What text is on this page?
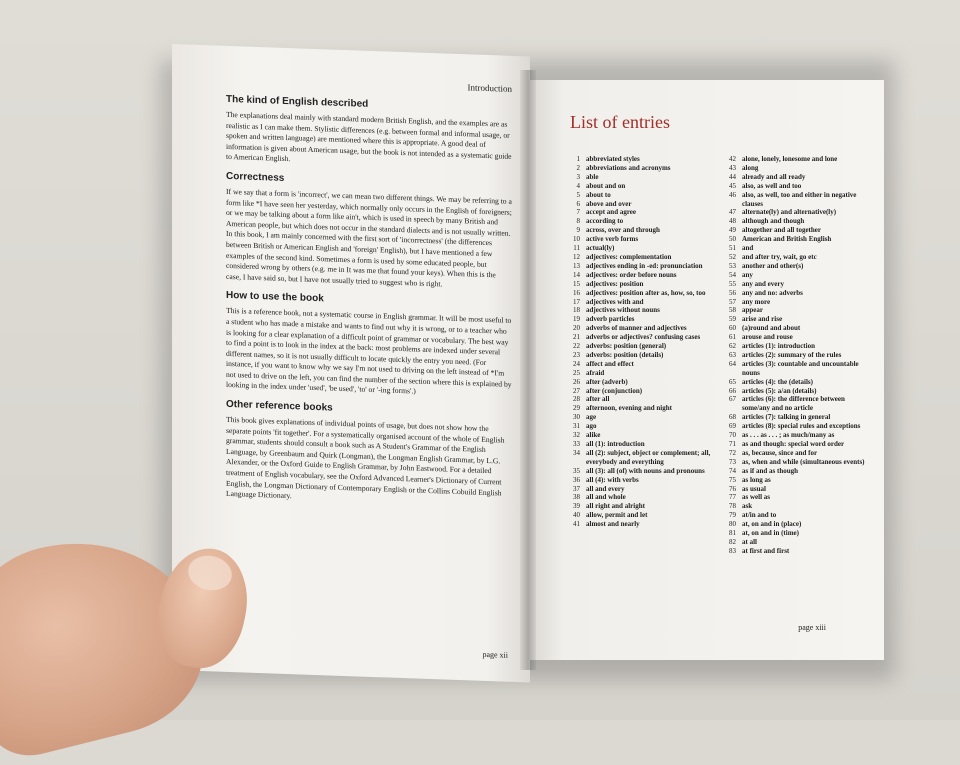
Introduction
The kind of English described

The explanations deal mainly with standard modern British English, and the examples are as realistic as I can make them. Stylistic differences (e.g. between formal and informal usage, or spoken and written language) are mentioned where this is appropriate. A good deal of information is given about American usage, but the book is not intended as a systematic guide to American English.

Correctness

If we say that a form is 'incorrect', we can mean two different things. We may be referring to a form like *I have seen her yesterday, which normally only occurs in the English of foreigners; or we may be talking about a form like ain't, which is used in speech by many British and American people, but which does not occur in the standard dialects and is not usually written. In this book, I am mainly concerned with the first sort of 'incorrectness' (the differences between British or American English and 'foreign' English), but I have mentioned a few examples of the second kind. Sometimes a form is used by some educated people, but considered wrong by others (e.g. me in It was me that found your keys). When this is the case, I have said so, but I have not usually tried to suggest who is right.

How to use the book

This is a reference book, not a systematic course in English grammar. It will be most useful to a student who has made a mistake and wants to find out why it is wrong, or to a teacher who is looking for a clear explanation of a difficult point of grammar or vocabulary. The best way to find a point is to look in the index at the back: most problems are indexed under several different names, so it is not usually difficult to locate quickly the entry you need. (For instance, if you want to know why we say I'm not used to driving on the left instead of *I'm not used to drive on the left, you can find the number of the section where this is explained by looking in the index under 'used', 'be used', 'to' or '-ing forms'.)

Other reference books

This book gives explanations of individual points of usage, but does not show how the separate points 'fit together'. For a systematically organised account of the whole of English grammar, students should consult a book such as A Student's Grammar of the English Language, by Greenbaum and Quirk (Longman), the Longman English Grammar, by L.G. Alexander, or the Oxford Guide to English Grammar, by John Eastwood. For a detailed treatment of English vocabulary, see the Oxford Advanced Learner's Dictionary of Current English, the Longman Dictionary of Contemporary English or the Collins Cobuild English Language Dictionary.

page xii
List of entries
1 abbreviated styles
2 abbreviations and acronyms
3 able
4 about and on
5 about to
6 above and over
7 accept and agree
8 according to
9 across, over and through
10 active verb forms
11 actual(ly)
12 adjectives: complementation
13 adjectives ending in -ed: pronunciation
14 adjectives: order before nouns
15 adjectives: position
16 adjectives: position after as, how, so, too
17 adjectives with and
18 adjectives without nouns
19 adverb particles
20 adverbs of manner and adjectives
21 adverbs or adjectives? confusing cases
22 adverbs: position (general)
23 adverbs: position (details)
24 affect and effect
25 afraid
26 after (adverb)
27 after (conjunction)
28 after all
29 afternoon, evening and night
30 age
31 ago
32 alike
33 all (1): introduction
34 all (2): subject, object or complement; all, everybody and everything
35 all (3): all (of) with nouns and pronouns
36 all (4): with verbs
37 all and every
38 all and whole
39 all right and alright
40 allow, permit and let
41 almost and nearly
42 alone, lonely, lonesome and lone
43 along
44 already and all ready
45 also, as well and too
46 also, as well, too and either in negative clauses
47 alternate(ly) and alternative(ly)
48 although and though
49 altogether and all together
50 American and British English
51 and
52 and after try, wait, go etc
53 another and other(s)
54 any
55 any and every
56 any and no: adverbs
57 any more
58 appear
59 arise and rise
60 (a)round and about
61 arouse and rouse
62 articles (1): introduction
63 articles (2): summary of the rules
64 articles (3): countable and uncountable nouns
65 articles (4): the (details)
66 articles (5): a/an (details)
67 articles (6): the difference between some/any and no article
68 articles (7): talking in general
69 articles (8): special rules and exceptions
70 as . . . as . . . ; as much/many as
71 as and though: special word order
72 as, because, since and for
73 as, when and while (simultaneous events)
74 as if and as though
75 as long as
76 as usual
77 as well as
78 ask
79 at/in and to
80 at, on and in (place)
81 at, on and in (time)
82 at all
83 at first and first
page xiii
